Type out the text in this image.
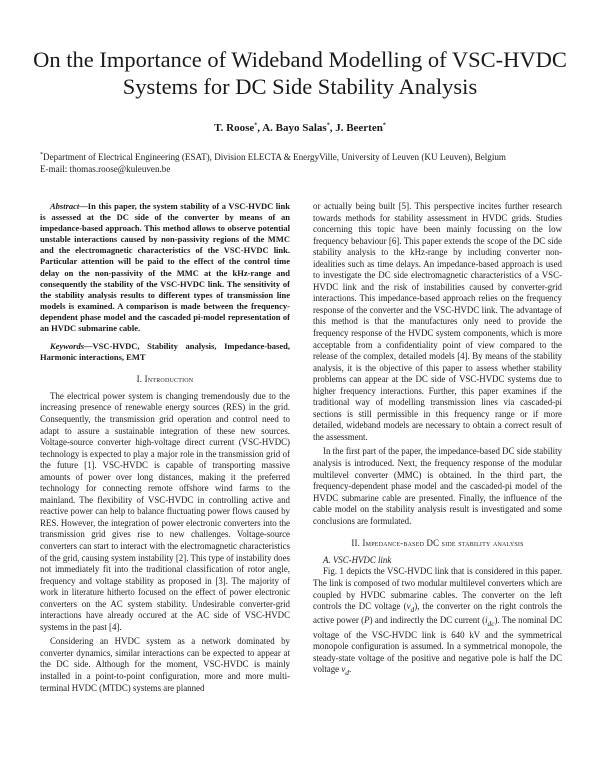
On the Importance of Wideband Modelling of VSC-HVDC Systems for DC Side Stability Analysis
T. Roose*, A. Bayo Salas*, J. Beerten*
*Department of Electrical Engineering (ESAT), Division ELECTA & EnergyVille, University of Leuven (KU Leuven), Belgium
E-mail: thomas.roose@kuleuven.be

Abstract—In this paper, the system stability of a VSC-HVDC link is assessed at the DC side of the converter by means of an impedance-based approach. This method allows to observe potential unstable interactions caused by non-passivity regions of the MMC and the electromagnetic characteristics of the VSC-HVDC link. Particular attention will be paid to the effect of the control time delay on the non-passivity of the MMC at the kHz-range and consequently the stability of the VSC-HVDC link. The sensitivity of the stability analysis results to different types of transmission line models is examined. A comparison is made between the frequency-dependent phase model and the cascaded pi-model representation of an HVDC submarine cable.

Keywords—VSC-HVDC, Stability analysis, Impedance-based, Harmonic interactions, EMT

I. Introduction

The electrical power system is changing tremendously due to the increasing presence of renewable energy sources (RES) in the grid. Consequently, the transmission grid operation and control need to adapt to assure a sustainable integration of these new sources. Voltage-source converter high-voltage direct current (VSC-HVDC) technology is expected to play a major role in the transmission grid of the future [1]. VSC-HVDC is capable of transporting massive amounts of power over long distances, making it the preferred technology for connecting remote offshore wind farms to the mainland. The flexibility of VSC-HVDC in controlling active and reactive power can help to balance fluctuating power flows caused by RES. However, the integration of power electronic converters into the transmission grid gives rise to new challenges. Voltage-source converters can start to interact with the electromagnetic characteristics of the grid, causing system instability [2]. This type of instability does not immediately fit into the traditional classification of rotor angle, frequency and voltage stability as proposed in [3]. The majority of work in literature hitherto focused on the effect of power electronic converters on the AC system stability. Undesirable converter-grid interactions have already occured at the AC side of VSC-HVDC systems in the past [4].

Considering an HVDC system as a network dominated by converter dynamics, similar interactions can be expected to appear at the DC side. Although for the moment, VSC-HVDC is mainly installed in a point-to-point configuration, more and more multi-terminal HVDC (MTDC) systems are planned

or actually being built [5]. This perspective incites further research towards methods for stability assessment in HVDC grids. Studies concerning this topic have been mainly focussing on the low frequency behaviour [6]. This paper extends the scope of the DC side stability analysis to the kHz-range by including converter non-idealities such as time delays. An impedance-based approach is used to investigate the DC side electromagnetic characteristics of a VSC-HVDC link and the risk of instabilities caused by converter-grid interactions. This impedance-based approach relies on the frequency response of the converter and the VSC-HVDC link. The advantage of this method is that the manufactures only need to provide the frequency response of the HVDC system components, which is more acceptable from a confidentiality point of view compared to the release of the complex, detailed models [4]. By means of the stability analysis, it is the objective of this paper to assess whether stability problems can appear at the DC side of VSC-HVDC systems due to higher frequency interactions. Further, this paper examines if the traditional way of modelling transmission lines via cascaded-pi sections is still permissible in this frequency range or if more detailed, wideband models are necessary to obtain a correct result of the assessment.

In the first part of the paper, the impedance-based DC side stability analysis is introduced. Next, the frequency response of the modular multilevel converter (MMC) is obtained. In the third part, the frequency-dependent phase model and the cascaded-pi model of the HVDC submarine cable are presented. Finally, the influence of the cable model on the stability analysis result is investigated and some conclusions are formulated.

II. Impedance-based DC side stability analysis

A. VSC-HVDC link

Fig. 1 depicts the VSC-HVDC link that is considered in this paper. The link is composed of two modular multilevel converters which are coupled by HVDC submarine cables. The converter on the left controls the DC voltage $(v_d)$, the converter on the right controls the active power (P) and indirectly the DC current $(i_{dc})$. The nominal DC voltage of the VSC-HVDC link is 640 kV and the symmetrical monopole configuration is assumed. In a symmetrical monopole, the steady-state voltage of the positive and negative pole is half the DC voltage $v_d$.
